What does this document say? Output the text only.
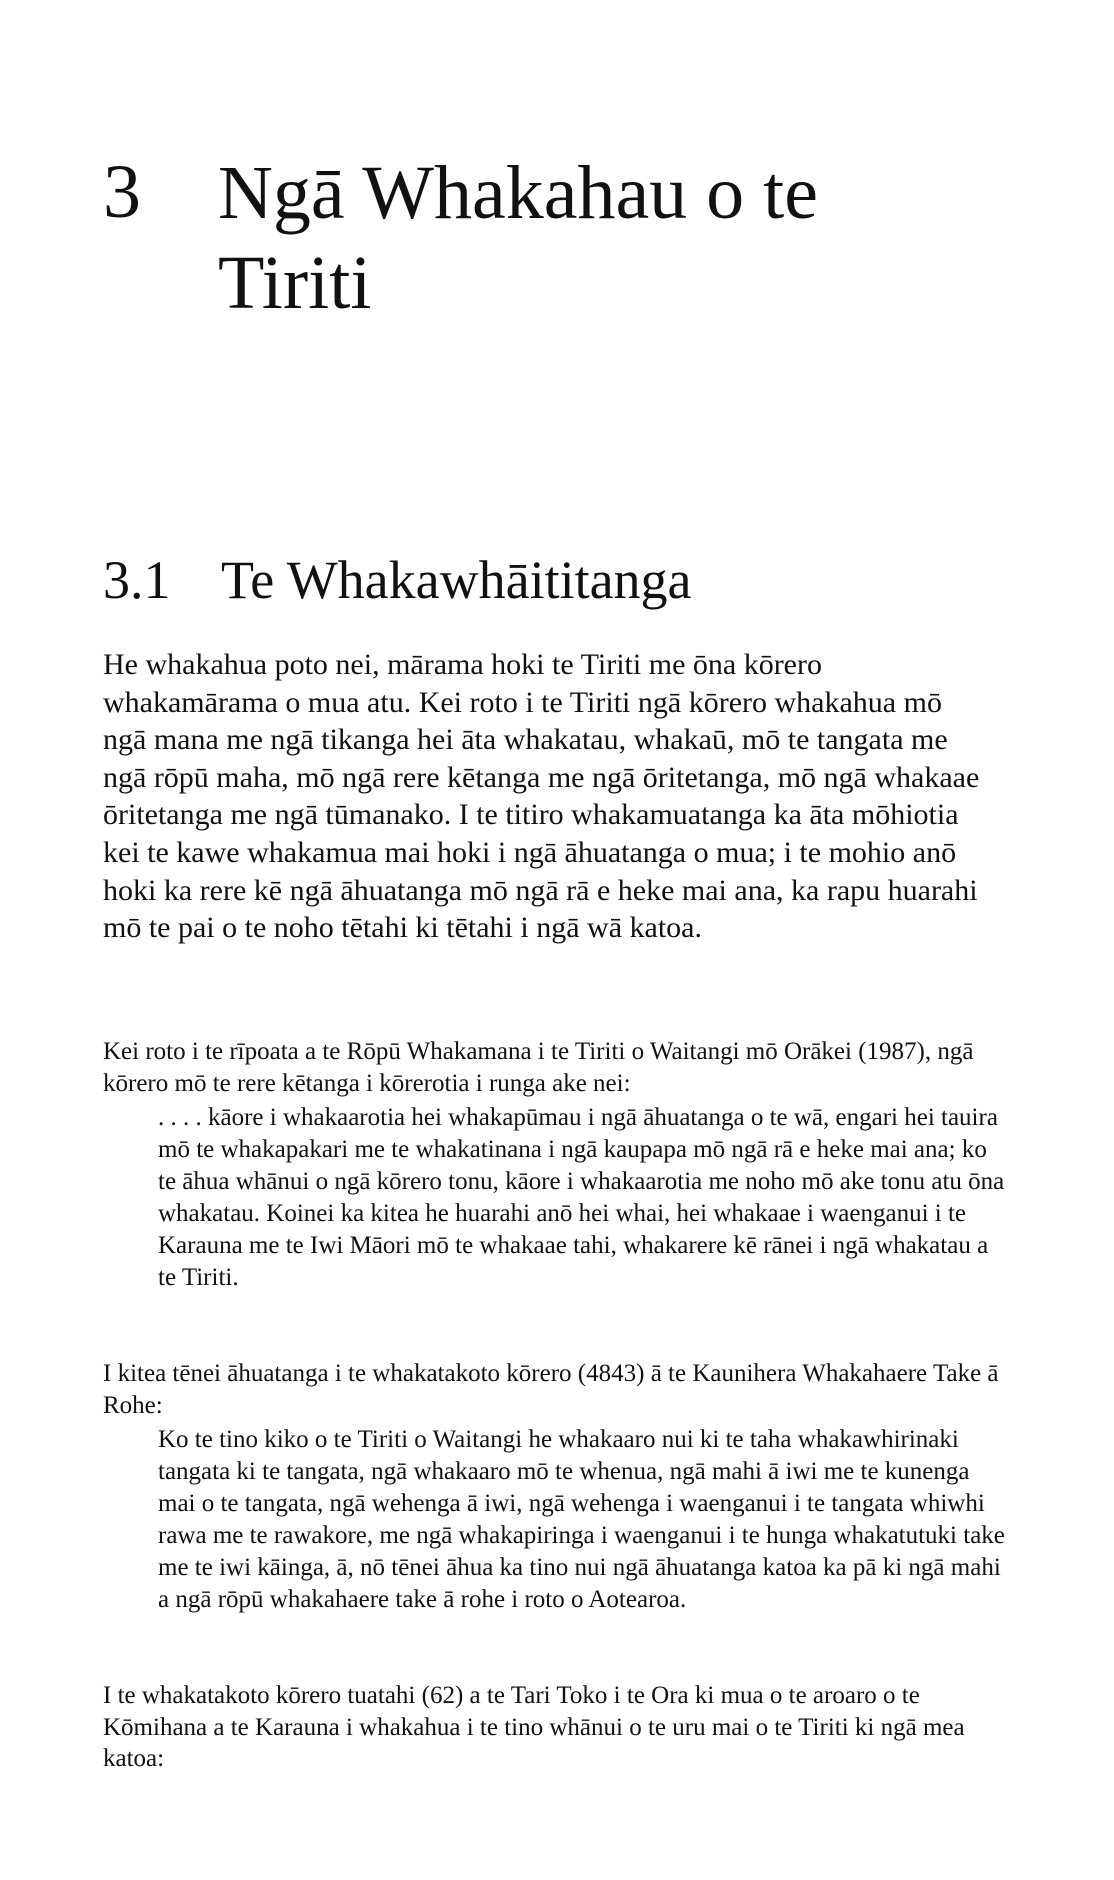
3 Ngā Whakahau o te Tiriti
3.1 Te Whakawhāititanga

He whakahua poto nei, mārama hoki te Tiriti me ōna kōrero whakamārama o mua atu. Kei roto i te Tiriti ngā kōrero whakahua mō ngā mana me ngā tikanga hei āta whakatau, whakaū, mō te tangata me ngā rōpū maha, mō ngā rere kētanga me ngā ōritetanga, mō ngā whakaae ōritetanga me ngā tūmanako. I te titiro whakamuatanga ka āta mōhiotia kei te kawe whakamua mai hoki i ngā āhuatanga o mua; i te mohio anō hoki ka rere kē ngā āhuatanga mō ngā rā e heke mai ana, ka rapu huarahi mō te pai o te noho tētahi ki tētahi i ngā wā katoa.

Kei roto i te rīpoata a te Rōpū Whakamana i te Tiriti o Waitangi mō Orākei (1987), ngā kōrero mō te rere kētanga i kōrerotia i runga ake nei:

. . . . kāore i whakaarotia hei whakapūmau i ngā āhuatanga o te wā, engari hei tauira mō te whakapakari me te whakatinana i ngā kaupapa mō ngā rā e heke mai ana; ko te āhua whānui o ngā kōrero tonu, kāore i whakaarotia me noho mō ake tonu atu ōna whakatau. Koinei ka kitea he huarahi anō hei whai, hei whakaae i waenganui i te Karauna me te Iwi Māori mō te whakaae tahi, whakarere kē rānei i ngā whakatau a te Tiriti.

I kitea tēnei āhuatanga i te whakatakoto kōrero (4843) ā te Kaunihera Whakahaere Take ā Rohe:

Ko te tino kiko o te Tiriti o Waitangi he whakaaro nui ki te taha whakawhirinaki tangata ki te tangata, ngā whakaaro mō te whenua, ngā mahi ā iwi me te kunenga mai o te tangata, ngā wehenga ā iwi, ngā wehenga i waenganui i te tangata whiwhi rawa me te rawakore, me ngā whakapiringa i waenganui i te hunga whakatutuki take me te iwi kāinga, ā, nō tēnei āhua ka tino nui ngā āhuatanga katoa ka pā ki ngā mahi a ngā rōpū whakahaere take ā rohe i roto o Aotearoa.

I te whakatakoto kōrero tuatahi (62) a te Tari Toko i te Ora ki mua o te aroaro o te Kōmihana a te Karauna i whakahua i te tino whānui o te uru mai o te Tiriti ki ngā mea katoa:
